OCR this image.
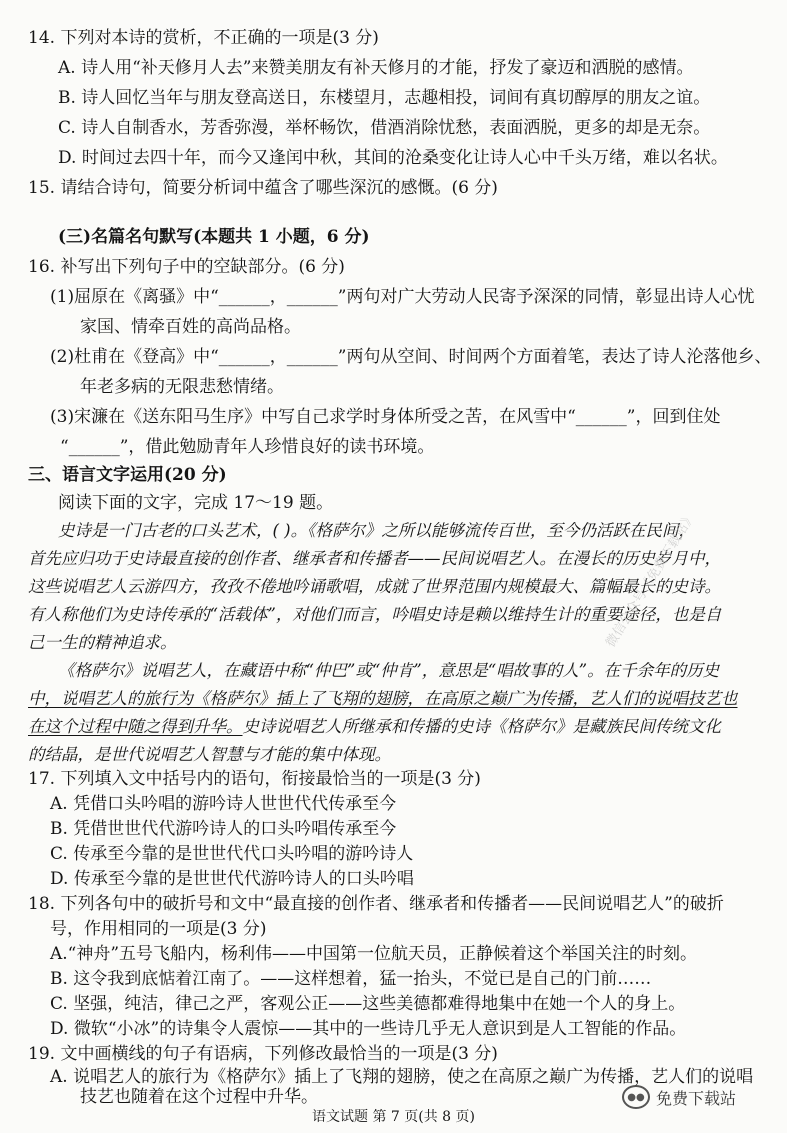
14. 下列对本诗的赏析，不正确的一项是(3 分)
A. 诗人用“补天修月人去”来赞美朋友有补天修月的才能，抒发了豪迈和洒脱的感情。
B. 诗人回忆当年与朋友登高送日，东楼望月，志趣相投，词间有真切醇厚的朋友之谊。
C. 诗人自制香水，芳香弥漫，举杯畅饮，借酒消除忧愁，表面洒脱，更多的却是无奈。
D. 时间过去四十年，而今又逢闰中秋，其间的沧桑变化让诗人心中千头万绪，难以名状。
15. 请结合诗句，简要分析词中蕴含了哪些深沉的感慨。(6 分)
(三)名篇名句默写(本题共 1 小题，6 分)
16. 补写出下列句子中的空缺部分。(6 分)
(1)屈原在《离骚》中“______，______”两句对广大劳动人民寄予深深的同情，彰显出诗人心忧
家国、情牵百姓的高尚品格。
(2)杜甫在《登高》中“______，______”两句从空间、时间两个方面着笔，表达了诗人沦落他乡、
年老多病的无限悲愁情绪。
(3)宋濂在《送东阳马生序》中写自己求学时身体所受之苦，在风雪中“______”，回到住处
“______”，借此勉励青年人珍惜良好的读书环境。
三、语言文字运用(20 分)
阅读下面的文字，完成 17～19 题。
史诗是一门古老的口头艺术，( )。《格萨尔》之所以能够流传百世，至今仍活跃在民间，
首先应归功于史诗最直接的创作者、继承者和传播者——民间说唱艺人。在漫长的历史岁月中，
这些说唱艺人云游四方，孜孜不倦地吟诵歌唱，成就了世界范围内规模最大、篇幅最长的史诗。
有人称他们为史诗传承的“活载体”，对他们而言，吟唱史诗是赖以维持生计的重要途径，也是自
己一生的精神追求。
《格萨尔》说唱艺人，在藏语中称“仲巴”或“仲肯”，意思是“唱故事的人”。在千余年的历史
中，说唱艺人的旅行为《格萨尔》插上了飞翔的翅膀，在高原之巅广为传播，艺人们的说唱技艺也
在这个过程中随之得到升华。史诗说唱艺人所继承和传播的史诗《格萨尔》是藏族民间传统文化
的结晶，是世代说唱艺人智慧与才能的集中体现。
17. 下列填入文中括号内的语句，衔接最恰当的一项是(3 分)
A. 凭借口头吟唱的游吟诗人世世代代传承至今
B. 凭借世世代代游吟诗人的口头吟唱传承至今
C. 传承至今靠的是世世代代口头吟唱的游吟诗人
D. 传承至今靠的是世世代代游吟诗人的口头吟唱
18. 下列各句中的破折号和文中“最直接的创作者、继承者和传播者——民间说唱艺人”的破折
号，作用相同的一项是(3 分)
A.“神舟”五号飞船内，杨利伟——中国第一位航天员，正静候着这个举国关注的时刻。
B. 这令我到底惦着江南了。——这样想着，猛一抬头，不觉已是自己的门前……
C. 坚强，纯洁，律己之严，客观公正——这些美德都难得地集中在她一个人的身上。
D. 微软“小冰”的诗集令人震惊——其中的一些诗几乎无人意识到是人工智能的作品。
微信公众号《免费下载站》
●● 免费下载站
语文试题 第 7 页(共 8 页)
19. 文中画横线的句子有语病，下列修改最恰当的一项是(3 分)
A. 说唱艺人的旅行为《格萨尔》插上了飞翔的翅膀，使之在高原之巅广为传播，艺人们的说唱
技艺也随着在这个过程中升华。
